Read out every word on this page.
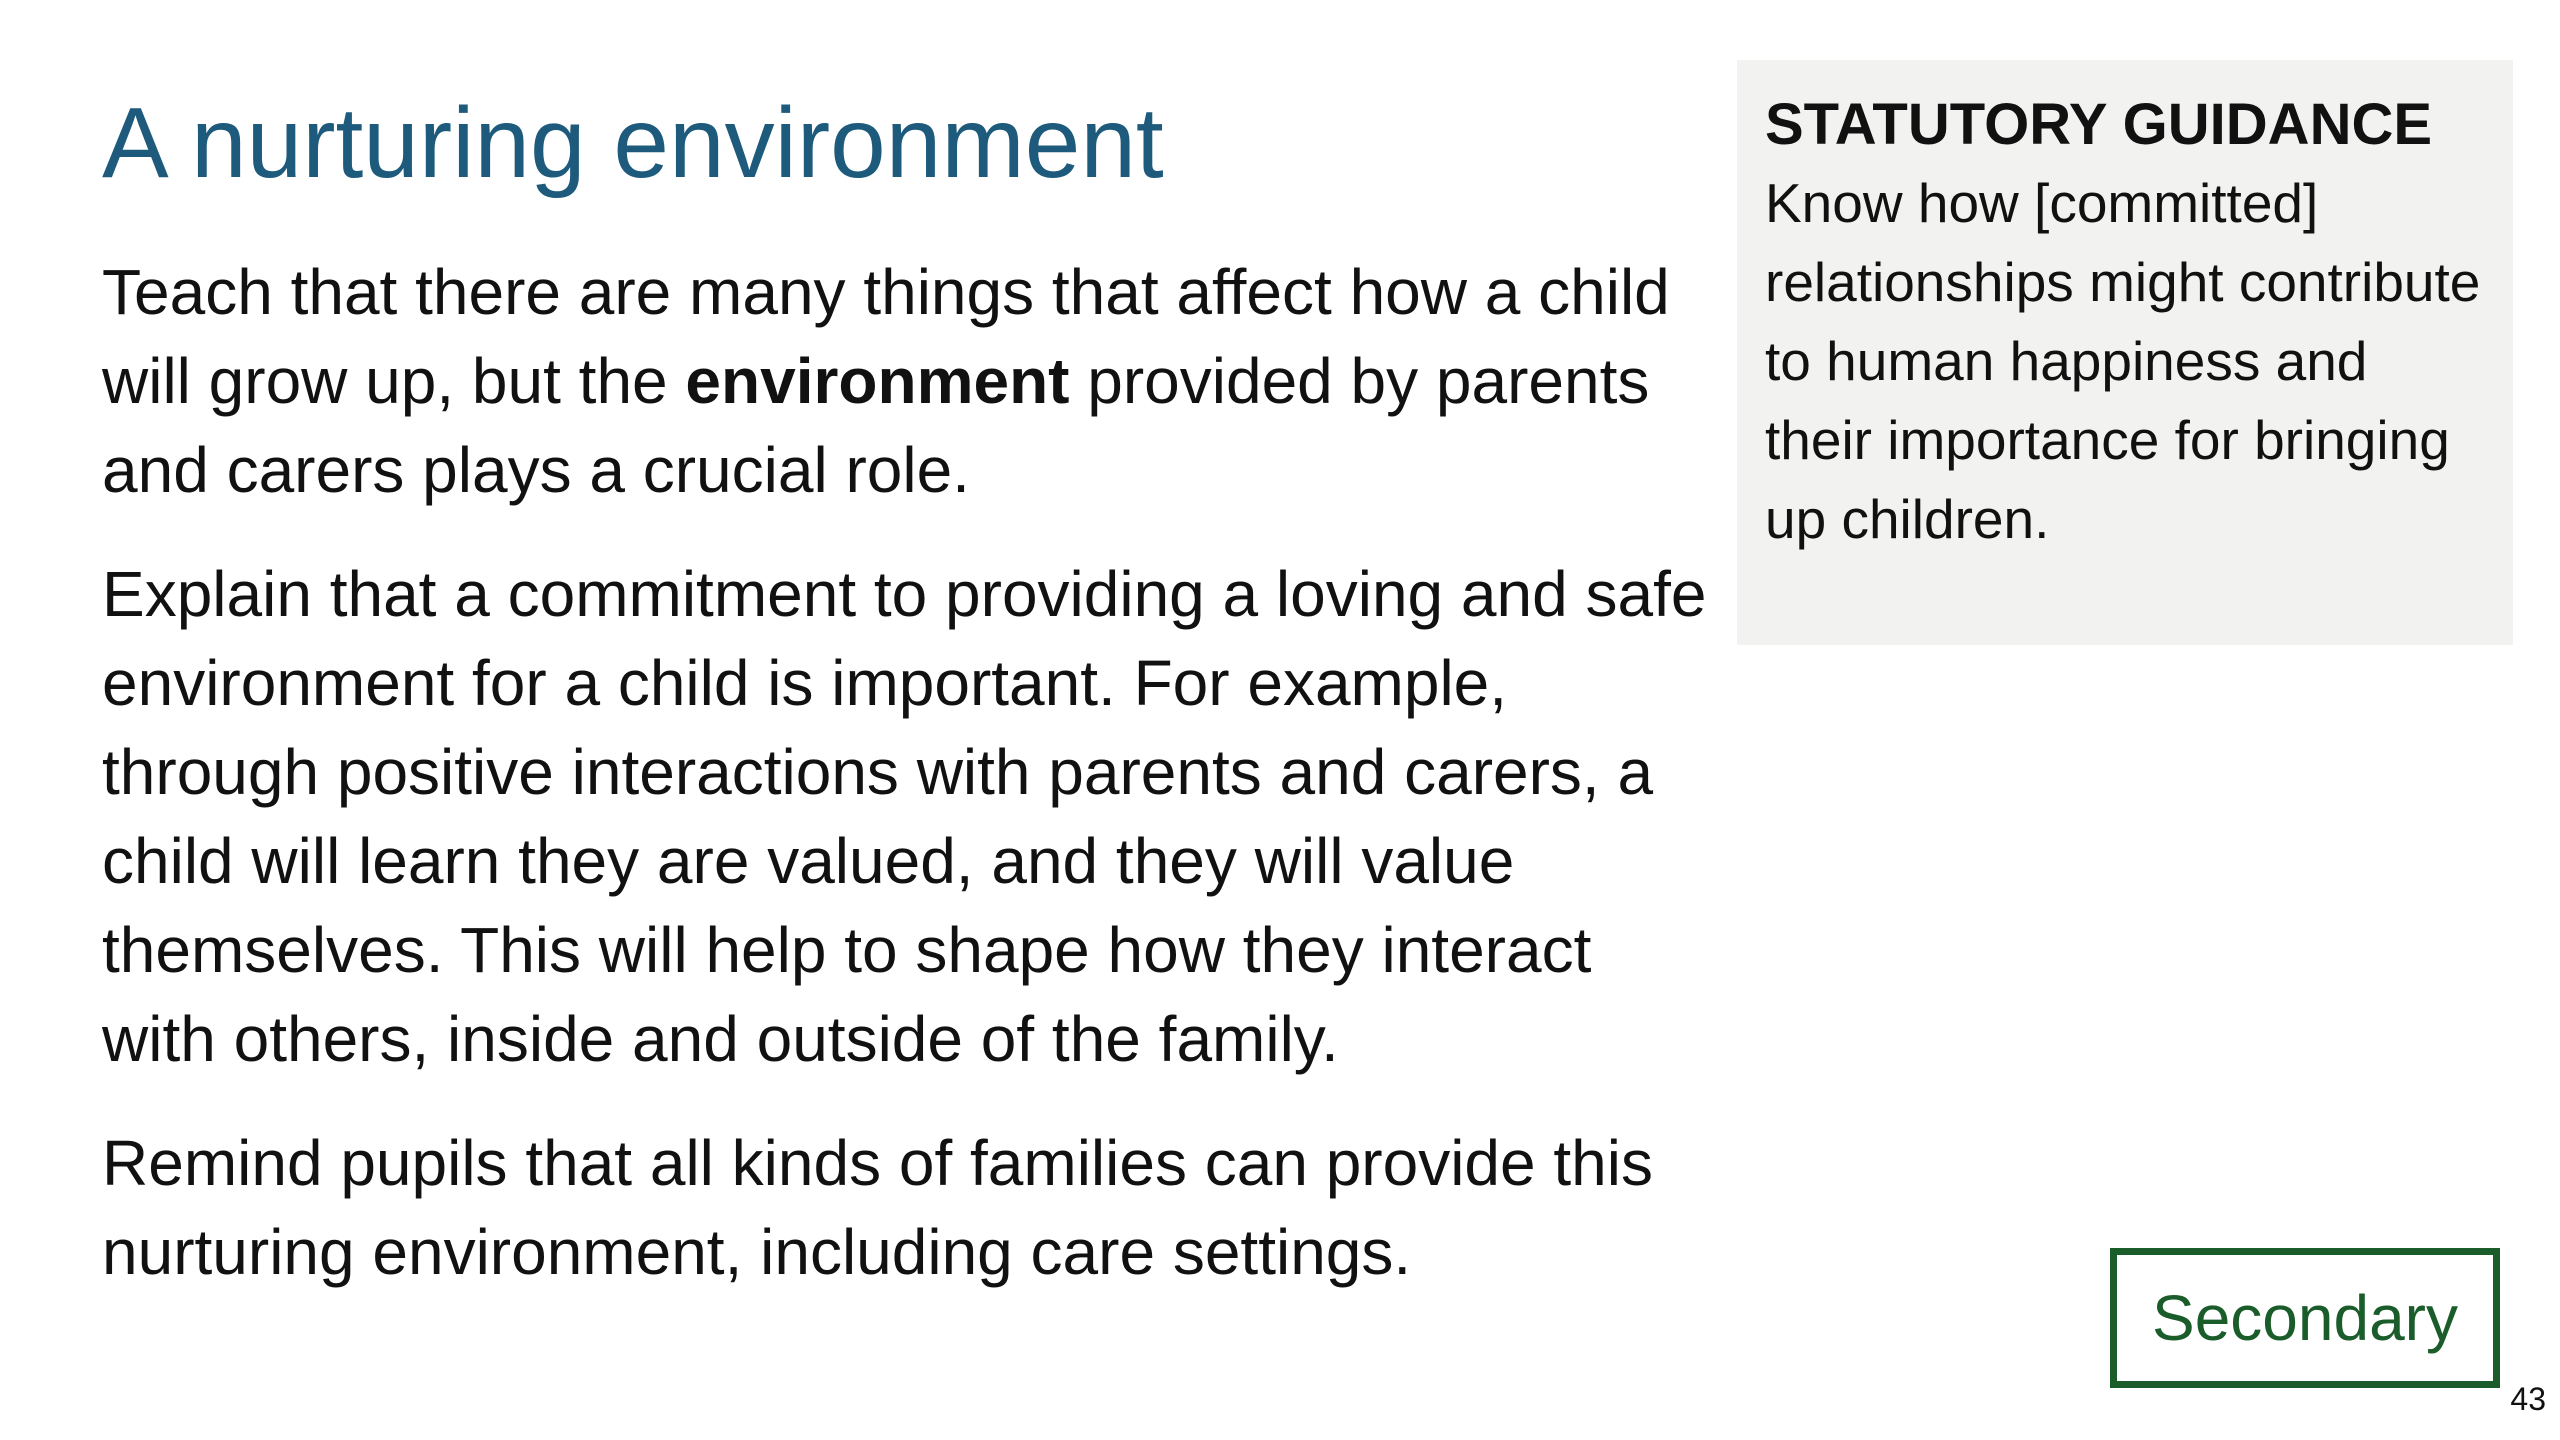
A nurturing environment

Teach that there are many things that affect how a child will grow up, but the environment provided by parents and carers plays a crucial role.

Explain that a commitment to providing a loving and safe environment for a child is important. For example, through positive interactions with parents and carers, a child will learn they are valued, and they will value themselves. This will help to shape how they interact with others, inside and outside of the family.

Remind pupils that all kinds of families can provide this nurturing environment, including care settings.

STATUTORY GUIDANCE

Know how [committed] relationships might contribute to human happiness and their importance for bringing up children.

Secondary
43
